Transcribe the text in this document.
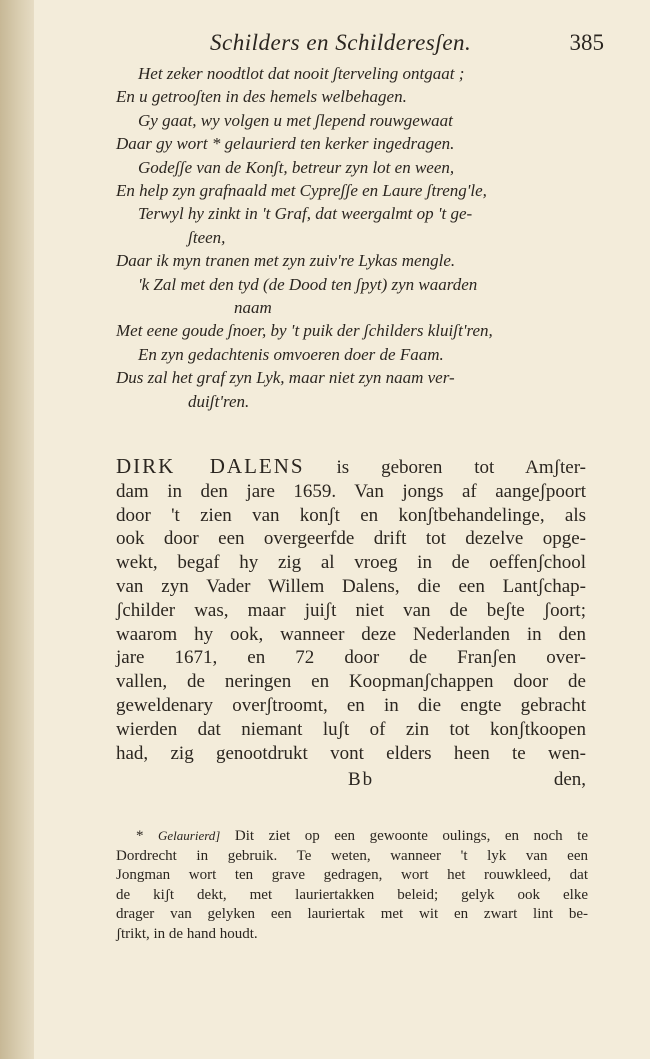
Schilders en Schilderesʃen.	385
Het zeker noodtlot dat nooit ʃterveling ontgaat ;
En u getrooʃten in des hemels welbehagen.
Gy gaat, wy volgen u met ʃlepend rouwgewaat
Daar gy wort * gelaurierd ten kerker ingedragen.
Godeʃʃe van de Konʃt, betreur zyn lot en ween,
En help zyn grafnaald met Cypreʃʃe en Laure ʃtreng'le,
Terwyl hy zinkt in 't Graf, dat weergalmt op 't ge-
ʃteen,
Daar ik myn tranen met zyn zuiv're Lykas mengle.
'k Zal met den tyd (de Dood ten ʃpyt) zyn waarden
naam
Met eene goude ʃnoer, by 't puik der ʃchilders kluiʃt'ren,
En zyn gedachtenis omvoeren doer de Faam.
Dus zal het graf zyn Lyk, maar niet zyn naam ver-
duiʃt'ren.
DIRK DALENS is geboren tot Amʃter-
dam in den jare 1659. Van jongs af aangeʃpoort
door 't zien van konʃt en konʃtbehandelinge, als
ook door een overgeerfde drift tot dezelve opge-
wekt, begaf hy zig al vroeg in de oeffenʃchool
van zyn Vader Willem Dalens, die een Lantʃchap-
ʃchilder was, maar juiʃt niet van de beʃte ʃoort;
waarom hy ook, wanneer deze Nederlanden in den
jare 1671, en 72 door de Franʃen over-
vallen, de neringen en Koopmanʃchappen door de
geweldenary overʃtroomt, en in die engte gebracht
wierden dat niemant luʃt of zin tot konʃtkoopen
had, zig genootdrukt vont elders heen te wen-
Bb	den,
* Gelaurierd] Dit ziet op een gewoonte oulings, en noch te
Dordrecht in gebruik. Te weten, wanneer 't lyk van een
Jongman wort ten grave gedragen, wort het rouwkleed, dat
de kiʃt dekt, met lauriertakken beleid; gelyk ook elke
drager van gelyken een lauriertak met wit en zwart lint be-
ʃtrikt, in de hand houdt.
